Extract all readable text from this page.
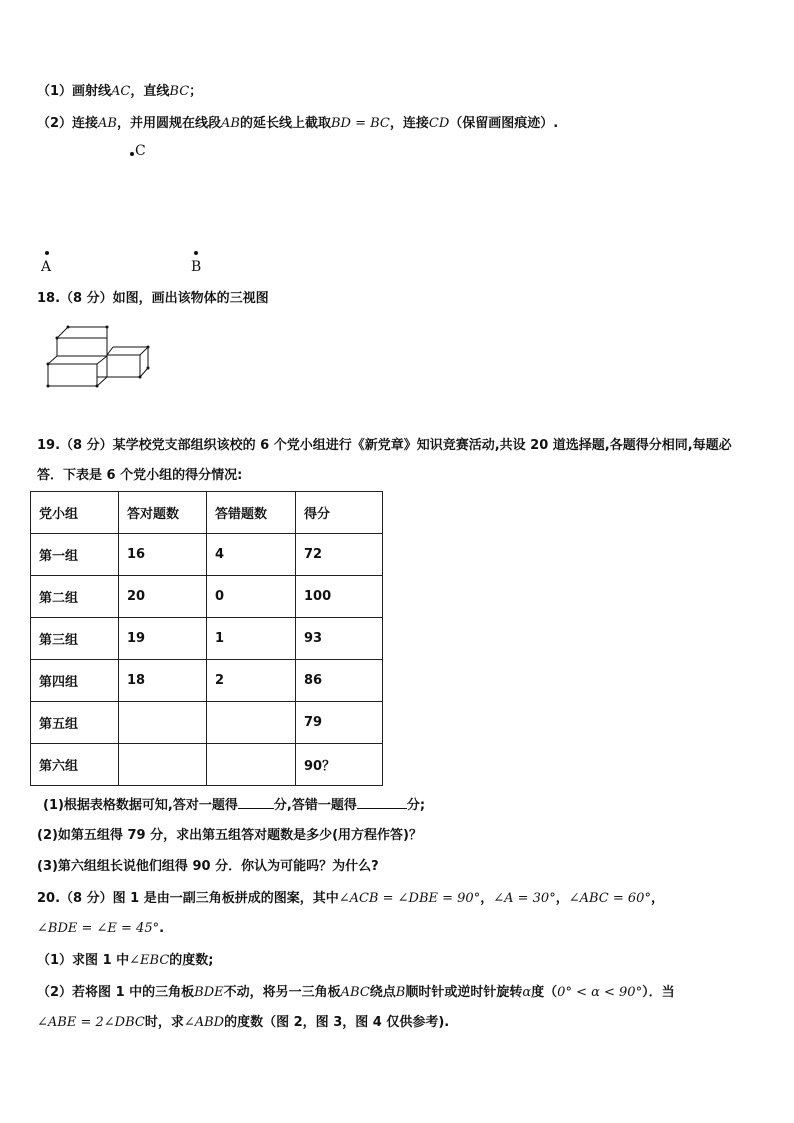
（1）画射线AC，直线BC；
（2）连接AB，并用圆规在线段AB的延长线上截取BD = BC，连接CD（保留画图痕迹）.
C
A	B
18.（8 分）如图，画出该物体的三视图
19.（8 分）某学校党支部组织该校的 6 个党小组进行《新党章》知识竞赛活动,共设 20 道选择题,各题得分相同,每题必
答．下表是 6 个党小组的得分情况:
党小组	答对题数	答错题数	得分
第一组	16	4	72
第二组	20	0	100
第三组	19	1	93
第四组	18	2	86
第五组			79
第六组			90？
(1)根据表格数据可知,答对一题得	分,答错一题得	分;
(2)如第五组得 79 分，求出第五组答对题数是多少(用方程作答)？
(3)第六组组长说他们组得 90 分．你认为可能吗？为什么?
20.（8 分）图 1 是由一副三角板拼成的图案，其中∠ACB = ∠DBE = 90°，∠A = 30°，∠ABC = 60°，
∠BDE = ∠E = 45°.
（1）求图 1 中∠EBC的度数;
（2）若将图 1 中的三角板BDE不动，将另一三角板ABC绕点B顺时针或逆时针旋转α度（0° < α < 90°）．当
∠ABE = 2∠DBC时，求∠ABD的度数（图 2，图 3，图 4 仅供参考).
